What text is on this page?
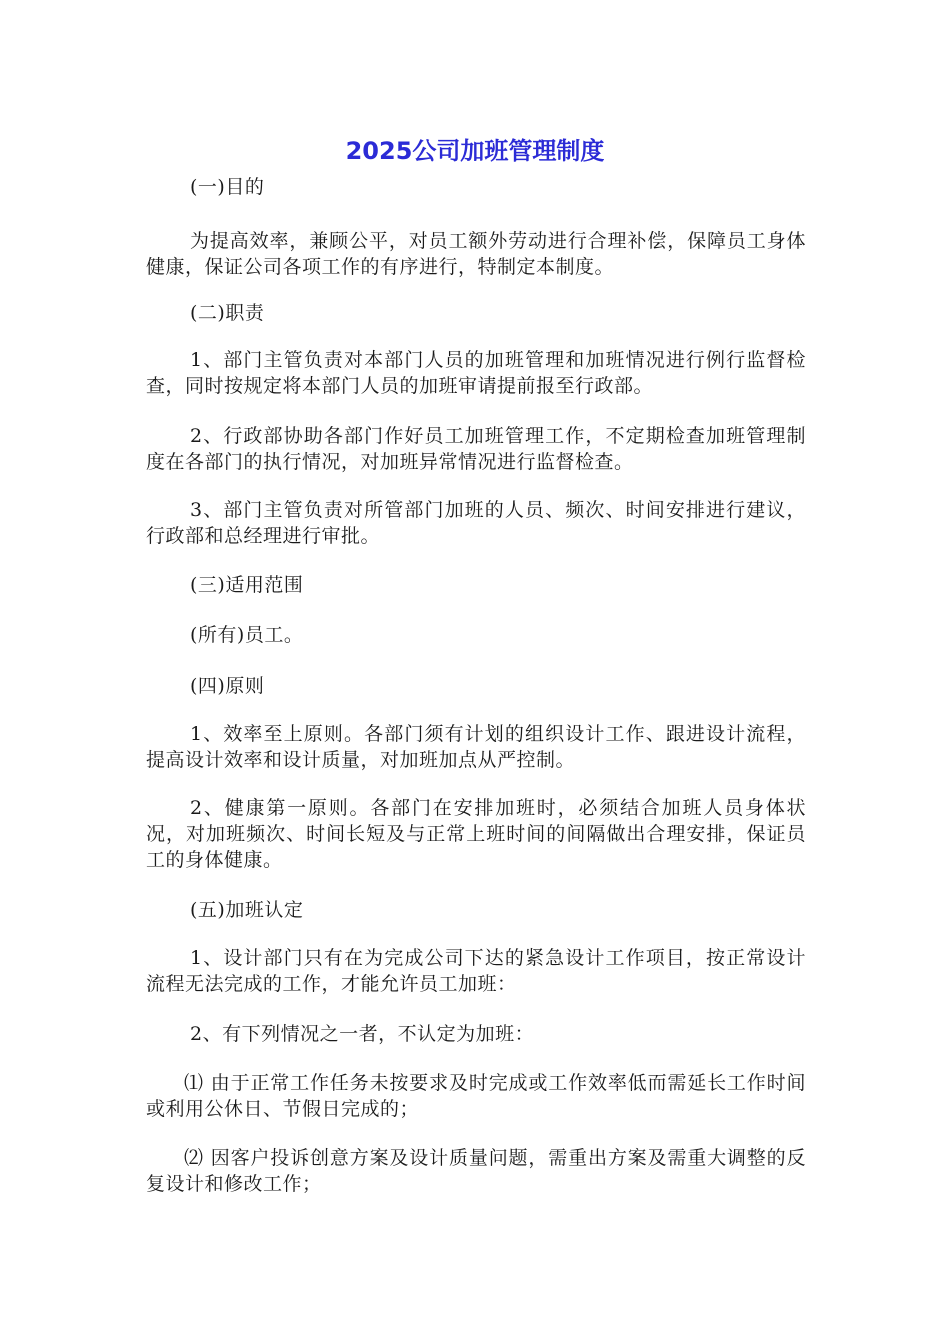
2025公司加班管理制度

(一)目的

为提高效率，兼顾公平，对员工额外劳动进行合理补偿，保障员工身体健康，保证公司各项工作的有序进行，特制定本制度。

(二)职责

1、部门主管负责对本部门人员的加班管理和加班情况进行例行监督检查，同时按规定将本部门人员的加班审请提前报至行政部。

2、行政部协助各部门作好员工加班管理工作，不定期检查加班管理制度在各部门的执行情况，对加班异常情况进行监督检查。

3、部门主管负责对所管部门加班的人员、频次、时间安排进行建议，行政部和总经理进行审批。

(三)适用范围

(所有)员工。

(四)原则

1、效率至上原则。各部门须有计划的组织设计工作、跟进设计流程，提高设计效率和设计质量，对加班加点从严控制。

2、健康第一原则。各部门在安排加班时，必须结合加班人员身体状况，对加班频次、时间长短及与正常上班时间的间隔做出合理安排，保证员工的身体健康。

(五)加班认定

1、设计部门只有在为完成公司下达的紧急设计工作项目，按正常设计流程无法完成的工作，才能允许员工加班：

2、有下列情况之一者，不认定为加班：

⑴ 由于正常工作任务未按要求及时完成或工作效率低而需延长工作时间或利用公休日、节假日完成的；

⑵ 因客户投诉创意方案及设计质量问题，需重出方案及需重大调整的反复设计和修改工作；
